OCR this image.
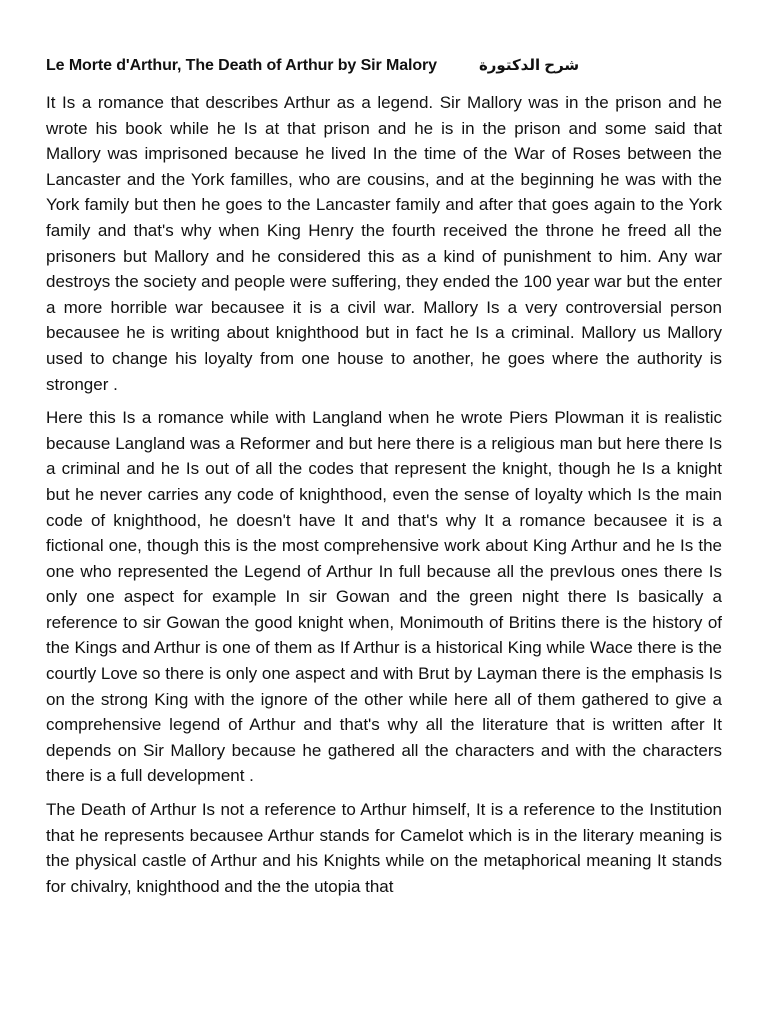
Le Morte d'Arthur, The Death of Arthur by Sir Malory	شرح الدكتورة

It Is a romance that describes Arthur as a legend. Sir Mallory was in the prison and he wrote his book while he Is at that prison and he is in the prison and some said that Mallory was imprisoned because he lived In the time of the War of Roses between the Lancaster and the York familles, who are cousins, and at the beginning he was with the York family but then he goes to the Lancaster family and after that goes again to the York family and that's why when King Henry the fourth received the throne he freed all the prisoners but Mallory and he considered this as a kind of punishment to him. Any war destroys the society and people were suffering, they ended the 100 year war but the enter a more horrible war becausee it is a civil war. Mallory Is a very controversial person becausee he is writing about knighthood but in fact he Is a criminal. Mallory us Mallory used to change his loyalty from one house to another, he goes where the authority is stronger .

Here this Is a romance while with Langland when he wrote Piers Plowman it is realistic because Langland was a Reformer and but here there is a religious man but here there Is a criminal and he Is out of all the codes that represent the knight, though he Is a knight but he never carries any code of knighthood, even the sense of loyalty which Is the main code of knighthood, he doesn't have It and that's why It a romance becausee it is a fictional one, though this is the most comprehensive work about King Arthur and he Is the one who represented the Legend of Arthur In full because all the prevIous ones there Is only one aspect for example In sir Gowan and the green night there Is basically a reference to sir Gowan the good knight when, Monimouth of Britins there is the history of the Kings and Arthur is one of them as If Arthur is a historical King while Wace there is the courtly Love so there is only one aspect and with Brut by Layman there is the emphasis Is on the strong King with the ignore of the other while here all of them gathered to give a comprehensive legend of Arthur and that's why all the literature that is written after It depends on Sir Mallory because he gathered all the characters and with the characters there is a full development .

The Death of Arthur Is not a reference to Arthur himself, It is a reference to the Institution that he represents becausee Arthur stands for Camelot which is in the literary meaning is the physical castle of Arthur and his Knights while on the metaphorical meaning It stands for chivalry, knighthood and the the utopia that
